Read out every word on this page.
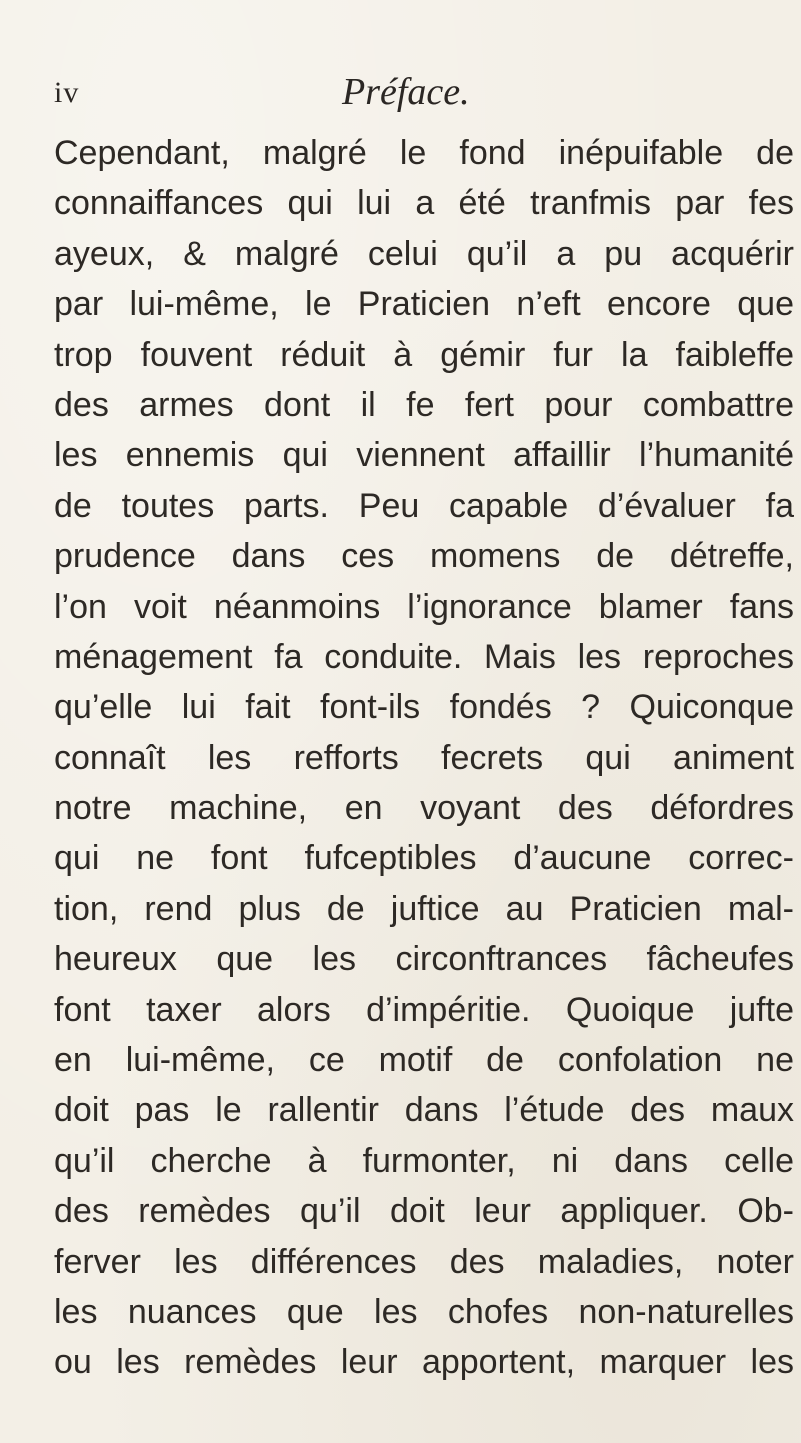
iv	Préface.
Cependant, malgré le fond inépuifable de
connaiffances qui lui a été tranfmis par fes
ayeux, & malgré celui qu’il a pu acquérir
par lui-même, le Praticien n’eft encore que
trop fouvent réduit à gémir fur la faibleffe
des armes dont il fe fert pour combattre
les ennemis qui viennent affaillir l’humanité
de toutes parts. Peu capable d’évaluer fa
prudence dans ces momens de détreffe,
l’on voit néanmoins l’ignorance blamer fans
ménagement fa conduite. Mais les reproches
qu’elle lui fait font-ils fondés ? Quiconque
connaît les refforts fecrets qui animent
notre machine, en voyant des défordres
qui ne font fufceptibles d’aucune correc-
tion, rend plus de juftice au Praticien mal-
heureux que les circonftrances fâcheufes
font taxer alors d’impéritie. Quoique jufte
en lui-même, ce motif de confolation ne
doit pas le rallentir dans l’étude des maux
qu’il cherche à furmonter, ni dans celle
des remèdes qu’il doit leur appliquer. Ob-
ferver les différences des maladies, noter
les nuances que les chofes non-naturelles
ou les remèdes leur apportent, marquer les
